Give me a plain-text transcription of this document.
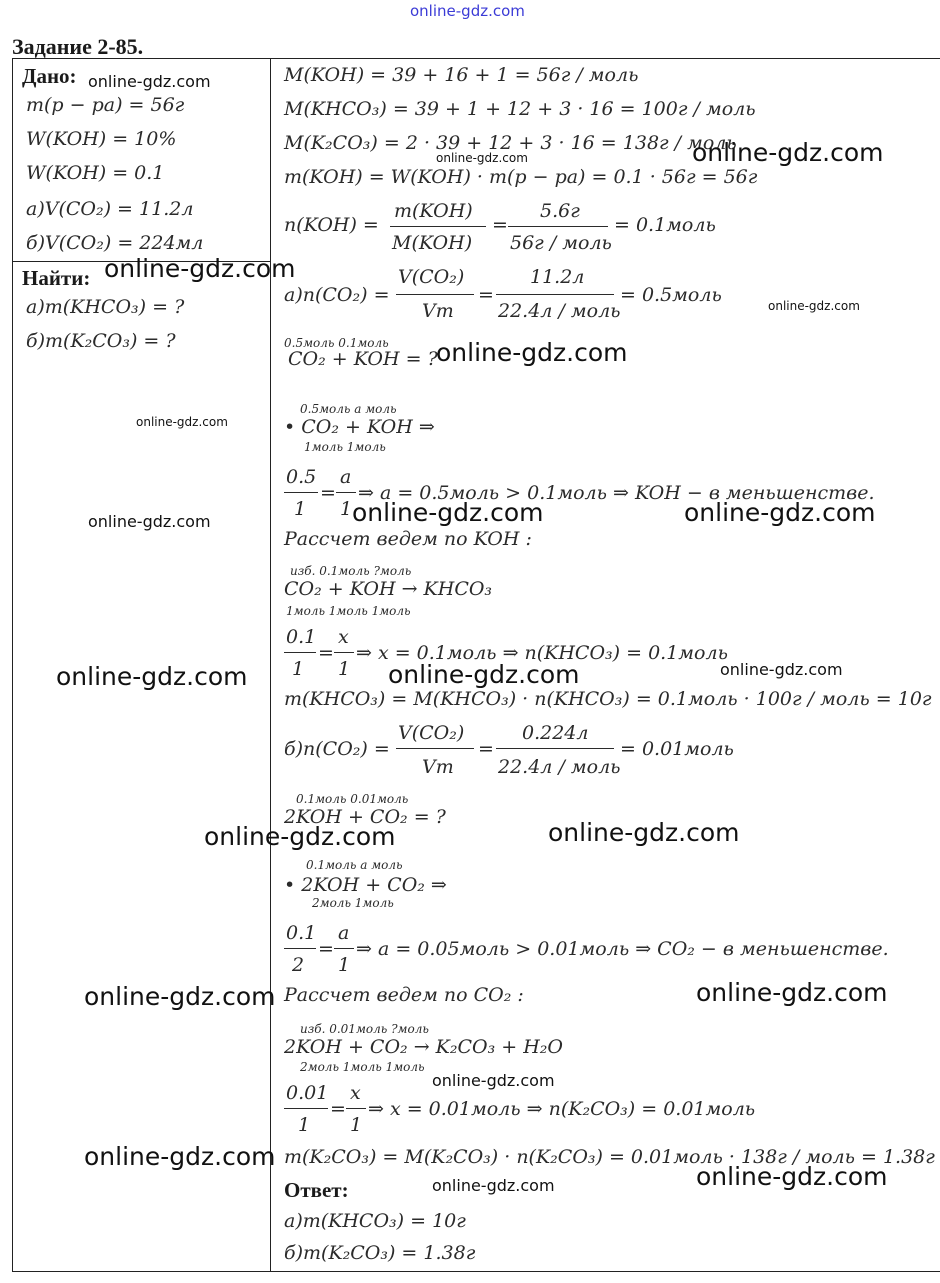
online-gdz.com
Задание 2-85.
Дано:
m(p − pa) = 56г
W(KOH) = 10%
W(KOH) = 0.1
a)V(CO₂) = 11.2л
б)V(CO₂) = 224мл
Найти:
a)m(KHCO₃) = ?
б)m(K₂CO₃) = ?
M(KOH) = 39 + 16 + 1 = 56г / моль
M(KHCO₃) = 39 + 1 + 12 + 3 · 16 = 100г / моль
M(K₂CO₃) = 2 · 39 + 12 + 3 · 16 = 138г / моль
m(KOH) = W(KOH) · m(p − pa) = 0.1 · 56г = 56г
n(KOH) =
m(KOH)
M(KOH)
=
5.6г
56г / моль
= 0.1моль
a)n(CO₂) =
V(CO₂)
Vm
=
11.2л
22.4л / моль
= 0.5моль
0.5моль 0.1моль
CO₂ + KOH = ?
0.5моль a моль
• CO₂ + KOH ⇒
1моль 1моль
0.5
1
=
a
1
⇒ a = 0.5моль > 0.1моль ⇒ KOH − в меньшенстве.
Рассчет ведем по KOH :
изб. 0.1моль ?моль
CO₂ + KOH → KHCO₃
1моль 1моль 1моль
0.1
1
=
x
1
⇒ x = 0.1моль ⇒ n(KHCO₃) = 0.1моль
m(KHCO₃) = M(KHCO₃) · n(KHCO₃) = 0.1моль · 100г / моль = 10г
б)n(CO₂) =
V(CO₂)
Vm
=
0.224л
22.4л / моль
= 0.01моль
0.1моль 0.01моль
2KOH + CO₂ = ?
0.1моль a моль
• 2KOH + CO₂ ⇒
2моль 1моль
0.1
2
=
a
1
⇒ a = 0.05моль > 0.01моль ⇒ CO₂ − в меньшенстве.
Рассчет ведем по CO₂ :
изб. 0.01моль ?моль
2KOH + CO₂ → K₂CO₃ + H₂O
2моль 1моль 1моль
0.01
1
=
x
1
⇒ x = 0.01моль ⇒ n(K₂CO₃) = 0.01моль
m(K₂CO₃) = M(K₂CO₃) · n(K₂CO₃) = 0.01моль · 138г / моль = 1.38г
Ответ:
a)m(KHCO₃) = 10г
б)m(K₂CO₃) = 1.38г
online-gdz.com
online-gdz.com
online-gdz.com
online-gdz.com
online-gdz.com
online-gdz.com
online-gdz.com
online-gdz.com	online-gdz.com	online-gdz.com
online-gdz.com	online-gdz.com	online-gdz.com
online-gdz.com	online-gdz.com
online-gdz.com	online-gdz.com
online-gdz.com
online-gdz.com
online-gdz.com
online-gdz.com
